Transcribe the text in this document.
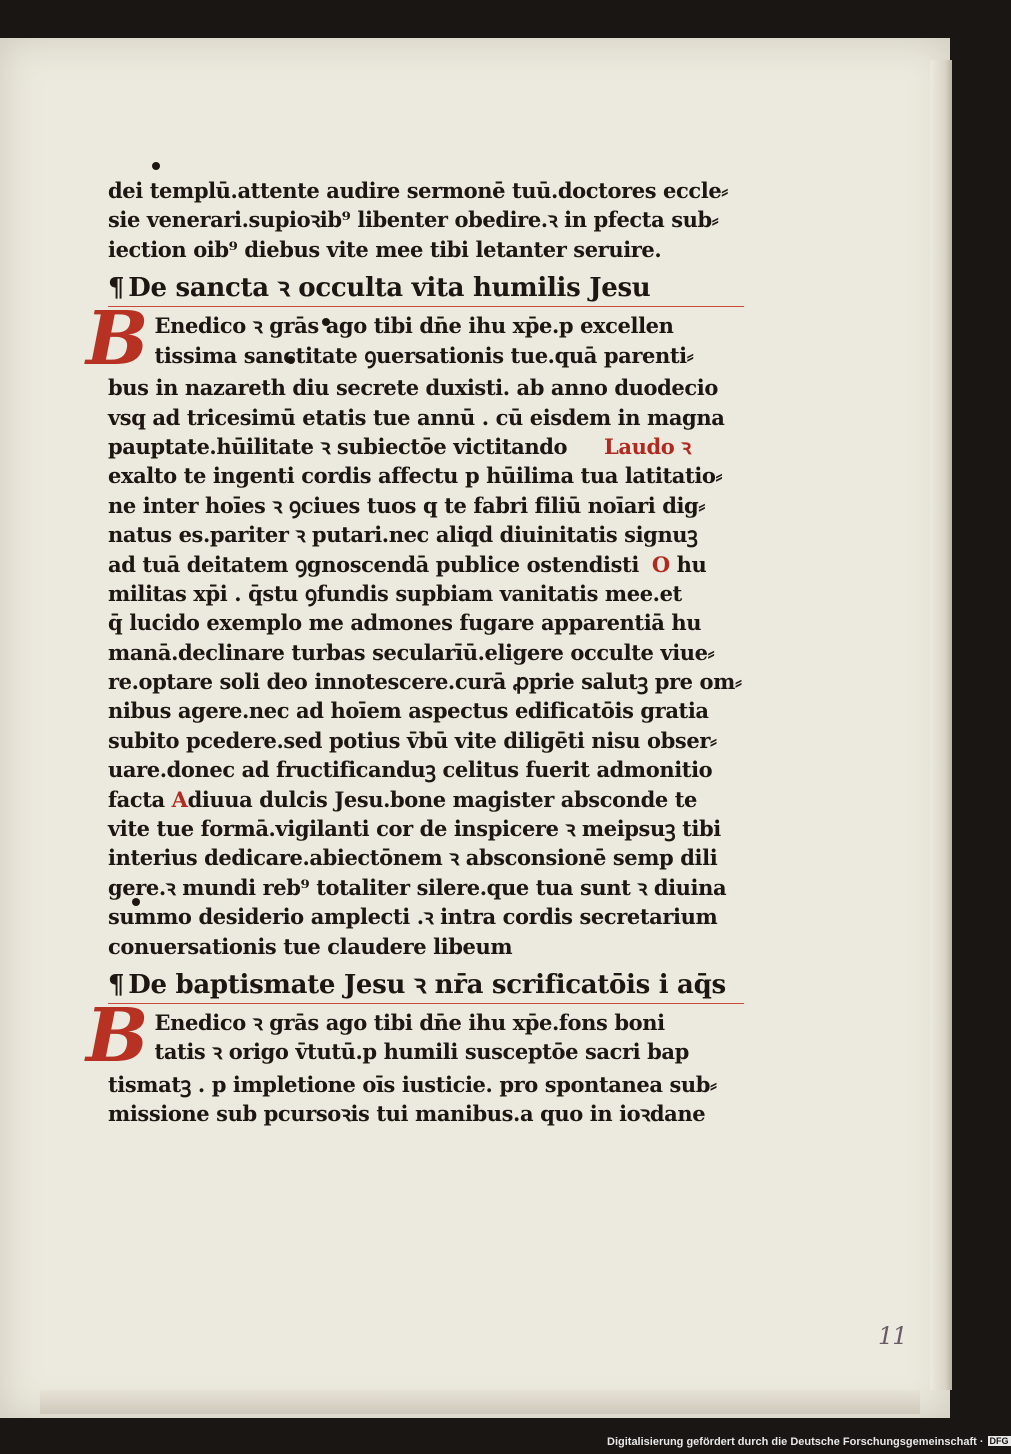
dei templū.attente audire sermonē tuū.doctores eccle⸗
sie venerari.supioꝛib⁹ libenter obedire.ꝛ in pfecta sub⸗
iection oib⁹ diebus vite mee tibi letanter seruire.
¶ De sancta ꝛ occulta vita humilis Jesu
B Enedico ꝛ grās ago tibi dn̄e ihu xp̄e.p excellen
tissima sanctitate ꝯuersationis tue.quā parenti⸗
bus in nazareth diu secrete duxisti. ab anno duodecio
vsq ad tricesimū etatis tue annū . cū eisdem in magna
pauptate.hūilitate ꝛ subiectōe victitando Laudo ꝛ
exalto te ingenti cordis affectu p hūilima tua latitatio⸗
ne inter hoīes ꝛ ꝯciues tuos q te fabri filiū noīari dig⸗
natus es.pariter ꝛ putari.nec aliqd diuinitatis signuꝫ
ad tuā deitatem ꝯgnoscendā publice ostendisti O hu
militas xp̄i . q̄stu ꝯfundis supbiam vanitatis mee.et
q̄ lucido exemplo me admones fugare apparentiā hu
manā.declinare turbas secularīū.eligere occulte viue⸗
re.optare soli deo innotescere.curā ꝓprie salutꝫ pre om⸗
nibus agere.nec ad hoīem aspectus edificatōis gratia
subito pcedere.sed potius v̄bū vite diligēti nisu obser⸗
uare.donec ad fructificanduꝫ celitus fuerit admonitio
facta Adiuua dulcis Jesu.bone magister absconde te
vite tue formā.vigilanti cor de inspicere ꝛ meipsuꝫ tibi
interius dedicare.abiectōnem ꝛ absconsionē semp dili
gere.ꝛ mundi reb⁹ totaliter silere.que tua sunt ꝛ diuina
summo desiderio amplecti .ꝛ intra cordis secretarium
conuersationis tue claudere libeum
¶ De baptismate Jesu ꝛ nr̄a scrificatōis i aq̄s
B Enedico ꝛ grās ago tibi dn̄e ihu xp̄e.fons boni
tatis ꝛ origo v̄tutū.p humili susceptōe sacri bap
tismatꝫ . p impletione oīs iusticie. pro spontanea sub⸗
missione sub pcursoꝛis tui manibus.a quo in ioꝛdane
11
Digitalisierung gefördert durch die Deutsche Forschungsgemeinschaft · DFG
